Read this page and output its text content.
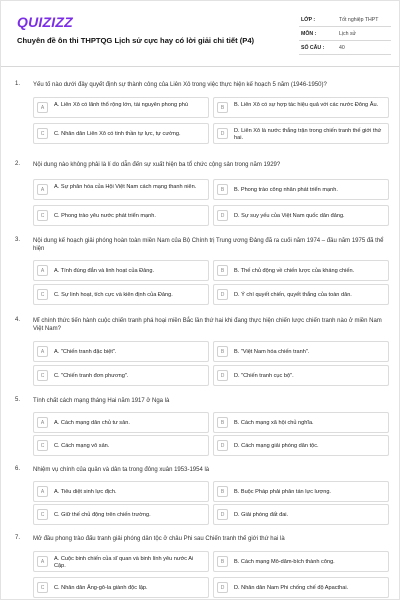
QUIZIZZ
Chuyên đề ôn thi THPTQG Lịch sử cực hay có lời giải chi tiết (P4)
LỚP :	Tốt nghiệp THPT
MÔN :	Lịch sử
SỐ CÂU :	40
1. Yếu tố nào dưới đây quyết định sự thành công của Liên Xô trong việc thực hiện kế hoạch 5 năm (1946-1950)?
A	A. Liên Xô có lãnh thổ rộng lớn, tài nguyên phong phú	B	B. Liên Xô có sự hợp tác hiệu quả với các nước Đông Âu.
C	C. Nhân dân Liên Xô có tinh thần tự lực, tự cường.	D	D. Liên Xô là nước thắng trận trong chiến tranh thế giới thứ hai.
2. Nội dung nào không phải là lí do dẫn đến sự xuất hiện ba tổ chức cộng sản trong năm 1929?
A	A. Sự phân hóa của Hội Việt Nam cách mạng thanh niên.	B	B. Phong trào công nhân phát triển mạnh.
C	C. Phong trào yêu nước phát triển mạnh.	D	D. Sự suy yếu của Việt Nam quốc dân đảng.
3. Nội dung kế hoạch giải phóng hoàn toàn miền Nam của Bộ Chính trị Trung ương Đảng đã ra cuối năm 1974 – đầu năm 1975 đã thể hiện
A	A. Tính đúng đắn và linh hoạt của Đảng.	B	B. Thế chủ động về chiến lược của kháng chiến.
C	C. Sự linh hoạt, tích cực và kiên định của Đảng.	D	D. Ý chí quyết chiến, quyết thắng của toàn dân.
4. Mĩ chính thức tiến hành cuộc chiến tranh phá hoại miền Bắc lần thứ hai khi đang thực hiện chiến lược chiến tranh nào ở miền Nam Việt Nam?
A	A. "Chiến tranh đặc biệt".	B	B. "Việt Nam hóa chiến tranh".
C	C. "Chiến tranh đơn phương".	D	D. "Chiến tranh cục bộ".
5. Tính chất cách mạng tháng Hai năm 1917 ở Nga là
A	A. Cách mạng dân chủ tư sản.	B	B. Cách mạng xã hội chủ nghĩa.
C	C. Cách mạng vô sản.	D	D. Cách mạng giải phóng dân tộc.
6. Nhiệm vụ chính của quân và dân ta trong đông xuân 1953-1954 là
A	A. Tiêu diệt sinh lực địch.	B	B. Buộc Pháp phải phân tán lực lượng.
C	C. Giữ thế chủ động trên chiến trường.	D	D. Giải phóng đất đai.
7. Mở đầu phong trào đấu tranh giải phóng dân tộc ở châu Phi sau Chiến tranh thế giới thứ hai là
A	A. Cuộc binh chiến của sĩ quan và binh lính yêu nước Ai Cập.
B	B. Cách mạng Mô-dăm-bích thành công.
C	C. Nhân dân Ăng-gô-la giành độc lập.	D	D. Nhân dân Nam Phi chống chế độ Apacthai.
